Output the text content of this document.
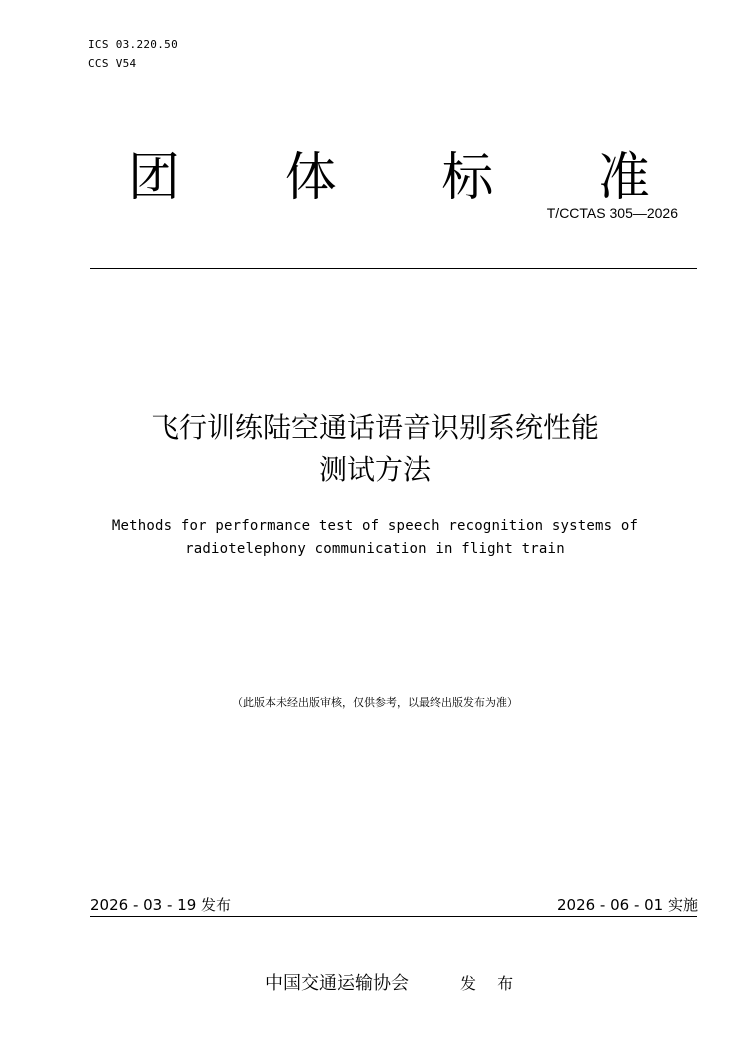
ICS 03.220.50
CCS V54
团 体 标 准
T/CCTAS 305—2026
飞行训练陆空通话语音识别系统性能
测试方法
Methods for performance test of speech recognition systems of
radiotelephony communication in flight train
（此版本未经出版审核，仅供参考，以最终出版发布为准）
2026 - 03 - 19 发布	2026 - 06 - 01 实施
中国交通运输协会	发 布
